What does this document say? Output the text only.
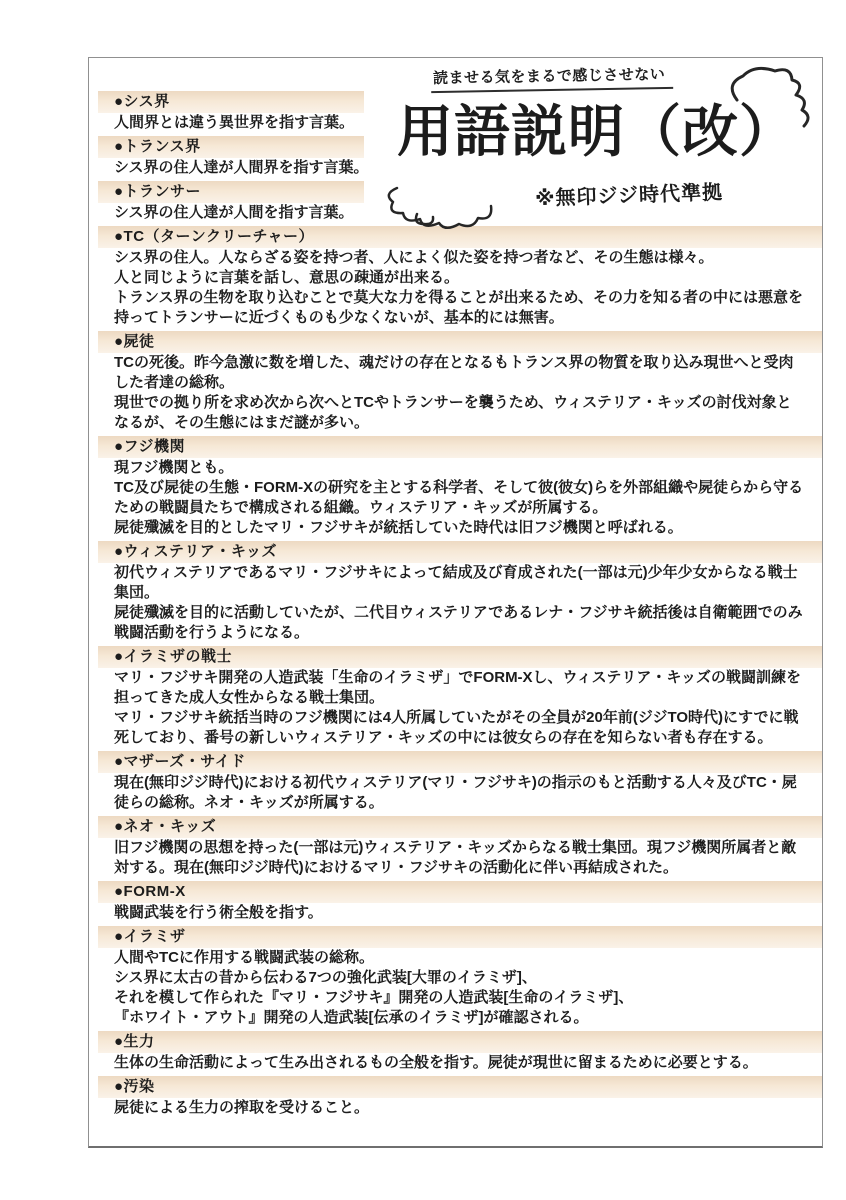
●シス界
人間界とは違う異世界を指す言葉。
●トランス界
シス界の住人達が人間界を指す言葉。
●トランサー
シス界の住人達が人間を指す言葉。
●TC（ターンクリーチャー）
シス界の住人。人ならざる姿を持つ者、人によく似た姿を持つ者など、その生態は様々。
人と同じように言葉を話し、意思の疎通が出来る。
トランス界の生物を取り込むことで莫大な力を得ることが出来るため、その力を知る者の中には悪意を
持ってトランサーに近づくものも少なくないが、基本的には無害。
●屍徒
TCの死後。昨今急激に数を増した、魂だけの存在となるもトランス界の物質を取り込み現世へと受肉
した者達の総称。
現世での拠り所を求め次から次へとTCやトランサーを襲うため、ウィステリア・キッズの討伐対象と
なるが、その生態にはまだ謎が多い。
●フジ機関
現フジ機関とも。
TC及び屍徒の生態・FORM-Xの研究を主とする科学者、そして彼(彼女)らを外部組織や屍徒らから守る
ための戦闘員たちで構成される組織。ウィステリア・キッズが所属する。
屍徒殲滅を目的としたマリ・フジサキが統括していた時代は旧フジ機関と呼ばれる。
●ウィステリア・キッズ
初代ウィステリアであるマリ・フジサキによって結成及び育成された(一部は元)少年少女からなる戦士
集団。
屍徒殲滅を目的に活動していたが、二代目ウィステリアであるレナ・フジサキ統括後は自衛範囲でのみ
戦闘活動を行うようになる。
●イラミザの戦士
マリ・フジサキ開発の人造武装「生命のイラミザ」でFORM-Xし、ウィステリア・キッズの戦闘訓練を
担ってきた成人女性からなる戦士集団。
マリ・フジサキ統括当時のフジ機関には4人所属していたがその全員が20年前(ジジTO時代)にすでに戦
死しており、番号の新しいウィステリア・キッズの中には彼女らの存在を知らない者も存在する。
●マザーズ・サイド
現在(無印ジジ時代)における初代ウィステリア(マリ・フジサキ)の指示のもと活動する人々及びTC・屍
徒らの総称。ネオ・キッズが所属する。
●ネオ・キッズ
旧フジ機関の思想を持った(一部は元)ウィステリア・キッズからなる戦士集団。現フジ機関所属者と敵
対する。現在(無印ジジ時代)におけるマリ・フジサキの活動化に伴い再結成された。
●FORM-X
戦闘武装を行う術全般を指す。
●イラミザ
人間やTCに作用する戦闘武装の総称。
シス界に太古の昔から伝わる7つの強化武装[大罪のイラミザ]、
それを模して作られた『マリ・フジサキ』開発の人造武装[生命のイラミザ]、
『ホワイト・アウト』開発の人造武装[伝承のイラミザ]が確認される。
●生力
生体の生命活動によって生み出されるもの全般を指す。屍徒が現世に留まるために必要とする。
●汚染
屍徒による生力の搾取を受けること。
読ませる気をまるで感じさせない
用語説明（改）
※無印ジジ時代準拠
